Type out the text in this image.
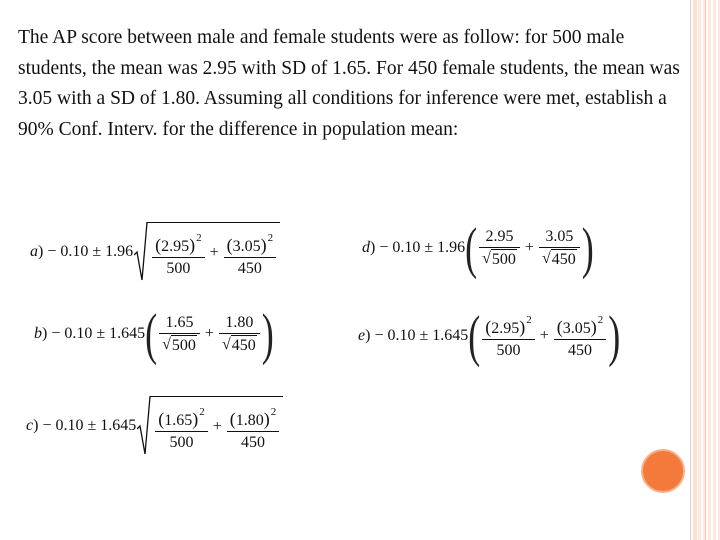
The AP score between male and female students were as follow: for 500 male students, the mean was 2.95 with SD of 1.65. For 450 female students, the mean was 3.05 with a SD of 1.80. Assuming all conditions for inference were met, establish a 90% Conf. Interv. for the difference in population mean:

a ) − $0.10 \pm 1.96 \frac{(2.95)^2}{500} + \frac{(3.05)^2}{450}$
b ) − 0.10 ± 1.645 ( $\frac{1.65}{√ 500} + \frac{1.80}{√ 450}$ )
c ) − $0.10 \pm 1.645 \frac{(1.65)^2}{500} + \frac{(1.80)^2}{450}$
d ) − 0.10 ± 1.96 ( $\frac{2.95}{√ 500} + \frac{3.05}{√ 450}$ )
e ) − 0.10 ± 1.645 ( $\frac{(2.95)^2}{500} + \frac{(3.05)^2}{450}$ )
